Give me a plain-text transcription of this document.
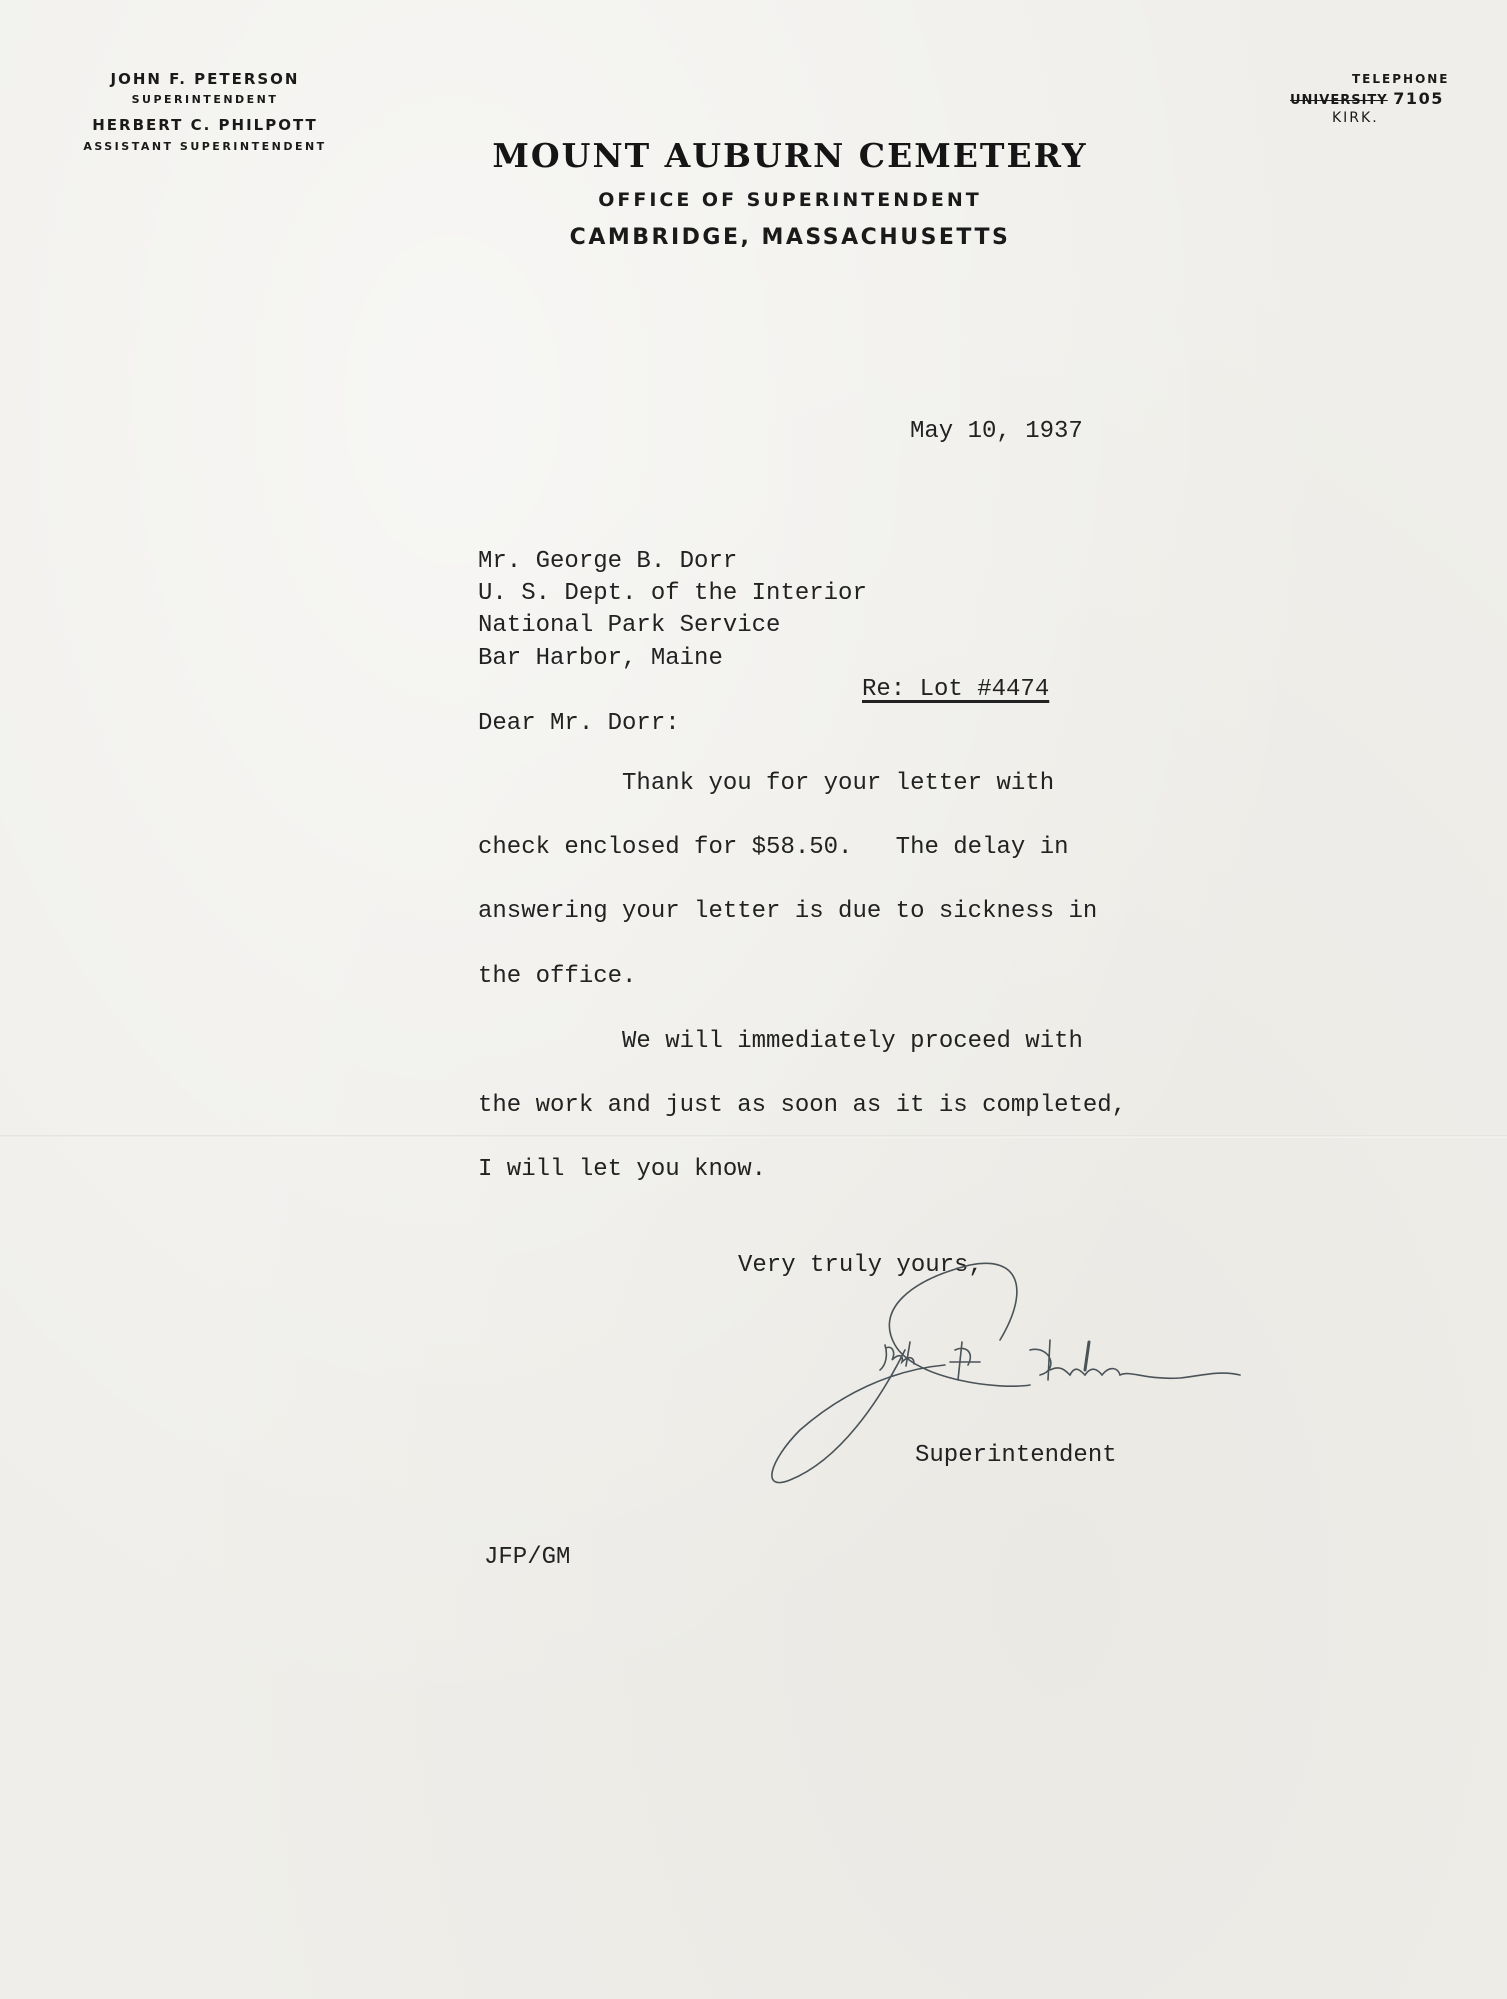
JOHN F. PETERSON
SUPERINTENDENT
HERBERT C. PHILPOTT
ASSISTANT SUPERINTENDENT	MOUNT AUBURN CEMETERY
OFFICE OF SUPERINTENDENT
CAMBRIDGE, MASSACHUSETTS
TELEPHONE
UNIVERSITY 7105
KIRK.
May 10, 1937
Mr. George B. Dorr
U. S. Dept. of the Interior
National Park Service
Bar Harbor, Maine
Re: Lot #4474
Dear Mr. Dorr:
Thank you for your letter with
check enclosed for $58.50.   The delay in
answering your letter is due to sickness in
the office.
We will immediately proceed with
the work and just as soon as it is completed,
I will let you know.
Very truly yours,
Superintendent
JFP/GM
